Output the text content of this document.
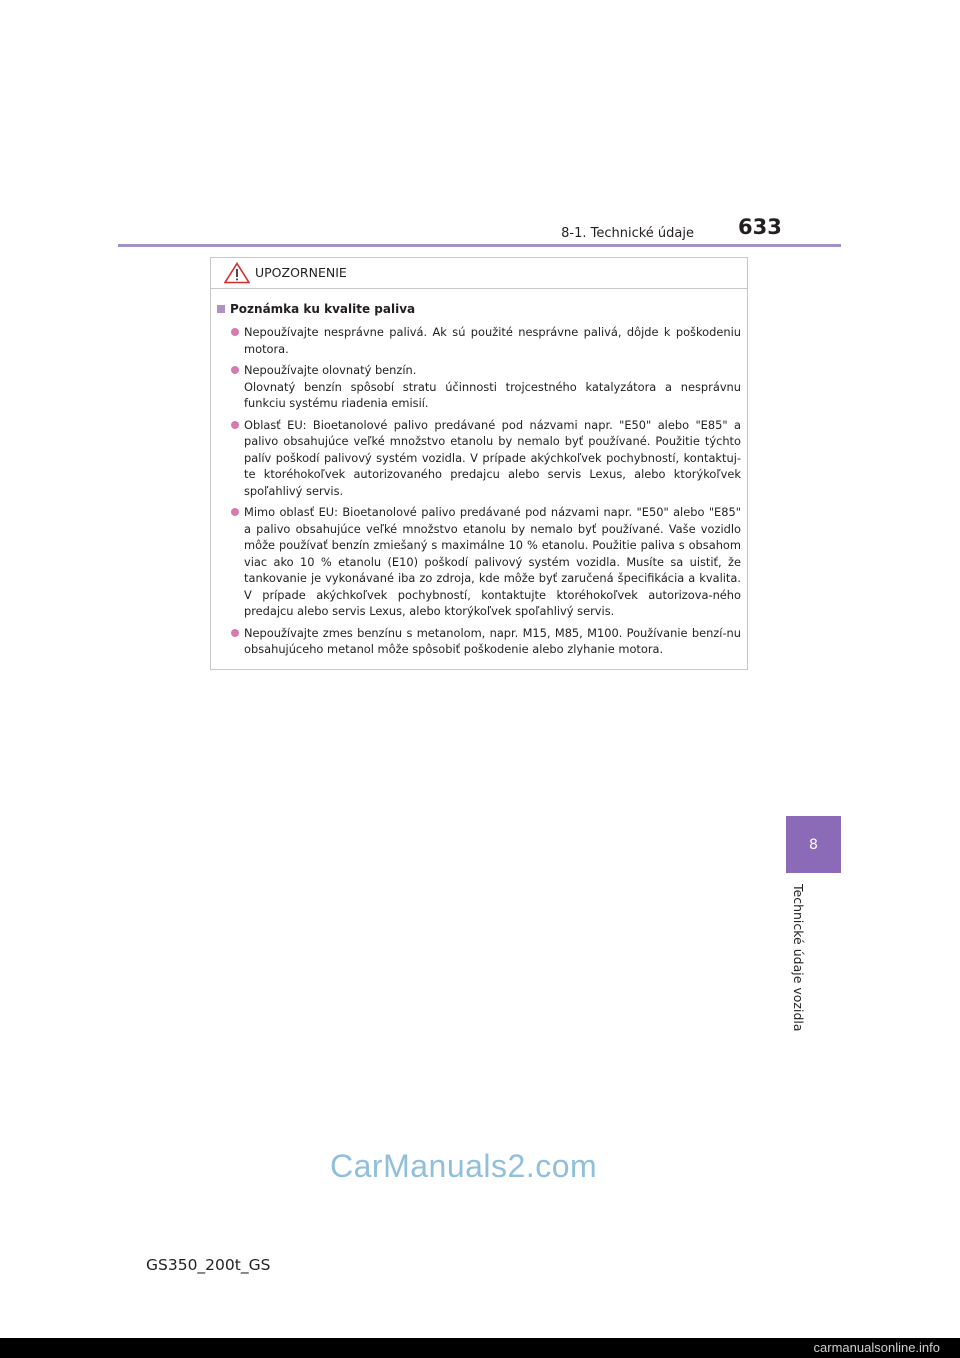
8-1. Technické údaje 633
8
Technické údaje vozidla
UPOZORNENIE
Poznámka ku kvalite paliva
Nepoužívajte nesprávne palivá. Ak sú použité nesprávne palivá, dôjde k poškodeniu motora.
Nepoužívajte olovnatý benzín.
Olovnatý benzín spôsobí stratu účinnosti trojcestného katalyzátora a nesprávnu funkciu systému riadenia emisií.
Oblasť EU: Bioetanolové palivo predávané pod názvami napr. "E50" alebo "E85" a palivo obsahujúce veľké množstvo etanolu by nemalo byť používané. Použitie týchto palív poškodí palivový systém vozidla. V prípade akýchkoľvek pochybností, kontaktuj-te ktoréhokoľvek autorizovaného predajcu alebo servis Lexus, alebo ktorýkoľvek spoľahlivý servis.
Mimo oblasť EU: Bioetanolové palivo predávané pod názvami napr. "E50" alebo "E85" a palivo obsahujúce veľké množstvo etanolu by nemalo byť používané. Vaše vozidlo môže používať benzín zmiešaný s maximálne 10 % etanolu. Použitie paliva s obsahom viac ako 10 % etanolu (E10) poškodí palivový systém vozidla. Musíte sa uistiť, že tankovanie je vykonávané iba zo zdroja, kde môže byť zaručená špecifikácia a kvalita. V prípade akýchkoľvek pochybností, kontaktujte ktoréhokoľvek autorizova-ného predajcu alebo servis Lexus, alebo ktorýkoľvek spoľahlivý servis.
Nepoužívajte zmes benzínu s metanolom, napr. M15, M85, M100. Používanie benzí-nu obsahujúceho metanol môže spôsobiť poškodenie alebo zlyhanie motora.
CarManuals2.com
GS350_200t_GS
carmanualsonline.info
